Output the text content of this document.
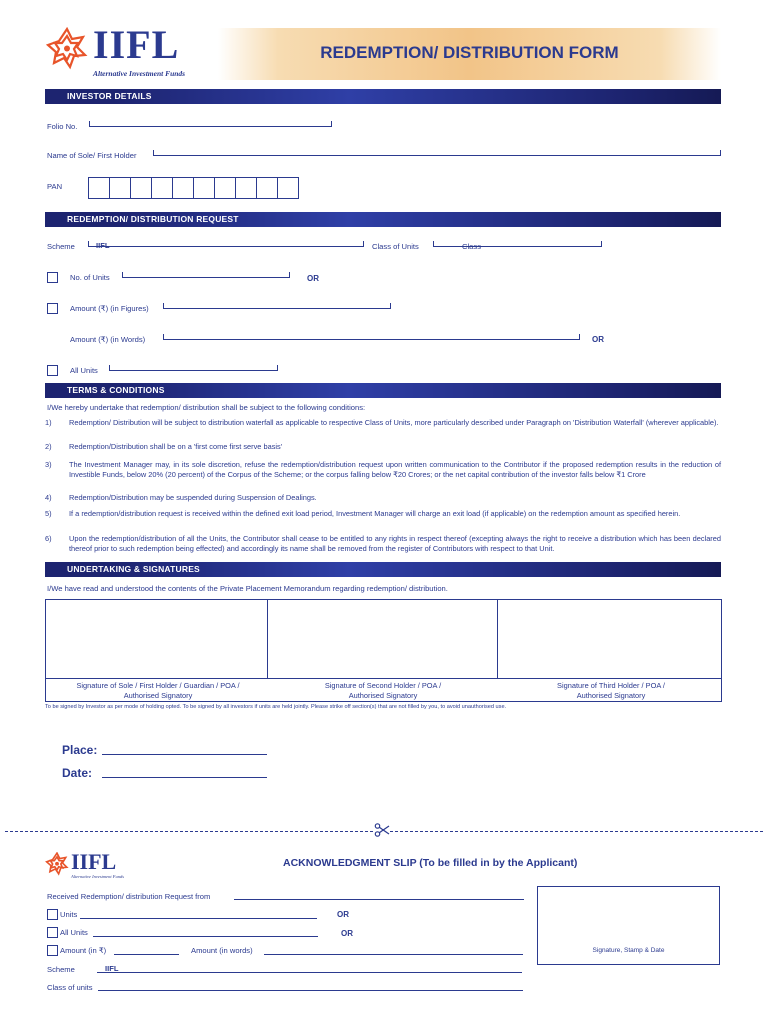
IIFL
Alternative Investment Funds
REDEMPTION/ DISTRIBUTION FORM
INVESTOR DETAILS
Folio No.
Name of Sole/ First Holder
PAN
REDEMPTION/ DISTRIBUTION REQUEST
Scheme	IIFL	Class of Units	Class
No. of Units	OR
Amount (₹) (in Figures)
Amount (₹) (in Words)	OR
All Units
TERMS & CONDITIONS
I/We hereby undertake that redemption/ distribution shall be subject to the following conditions:
1) Redemption/ Distribution will be subject to distribution waterfall as applicable to respective Class of Units, more particularly described under Paragraph on 'Distribution Waterfall' (wherever applicable).
2) Redemption/Distribution shall be on a 'first come first serve basis'
3) The Investment Manager may, in its sole discretion, refuse the redemption/distribution request upon written communication to the Contributor if the proposed redemption results in the reduction of Investible Funds, below 20% (20 percent) of the Corpus of the Scheme; or the corpus falling below ₹20 Crores; or the net capital contribution of the investor falls below ₹1 Crore
4) Redemption/Distribution may be suspended during Suspension of Dealings.
5) If a redemption/distribution request is received within the defined exit load period, Investment Manager will charge an exit load (if applicable) on the redemption amount as specified herein.
6) Upon the redemption/distribution of all the Units, the Contributor shall cease to be entitled to any rights in respect thereof (excepting always the right to receive a distribution which has been declared thereof prior to such redemption being effected) and accordingly its name shall be removed from the register of Contributors with respect to that Unit.
UNDERTAKING & SIGNATURES
I/We have read and understood the contents of the Private Placement Memorandum regarding redemption/ distribution.
Signature of Sole / First Holder / Guardian / POA / Authorised Signatory
Signature of Second Holder / POA / Authorised Signatory
Signature of Third Holder / POA / Authorised Signatory
To be signed by Investor as per mode of holding opted. To be signed by all investors if units are held jointly. Please strike off section(s) that are not filled by you, to avoid unauthorised use.
Place:
Date:
IIFL
Alternative Investment Funds
ACKNOWLEDGMENT SLIP (To be filled in by the Applicant)
Received Redemption/ distribution Request from
Units	OR
All Units	OR
Amount (in ₹)	Amount (in words)
Scheme	IIFL
Class of units
Signature, Stamp & Date
